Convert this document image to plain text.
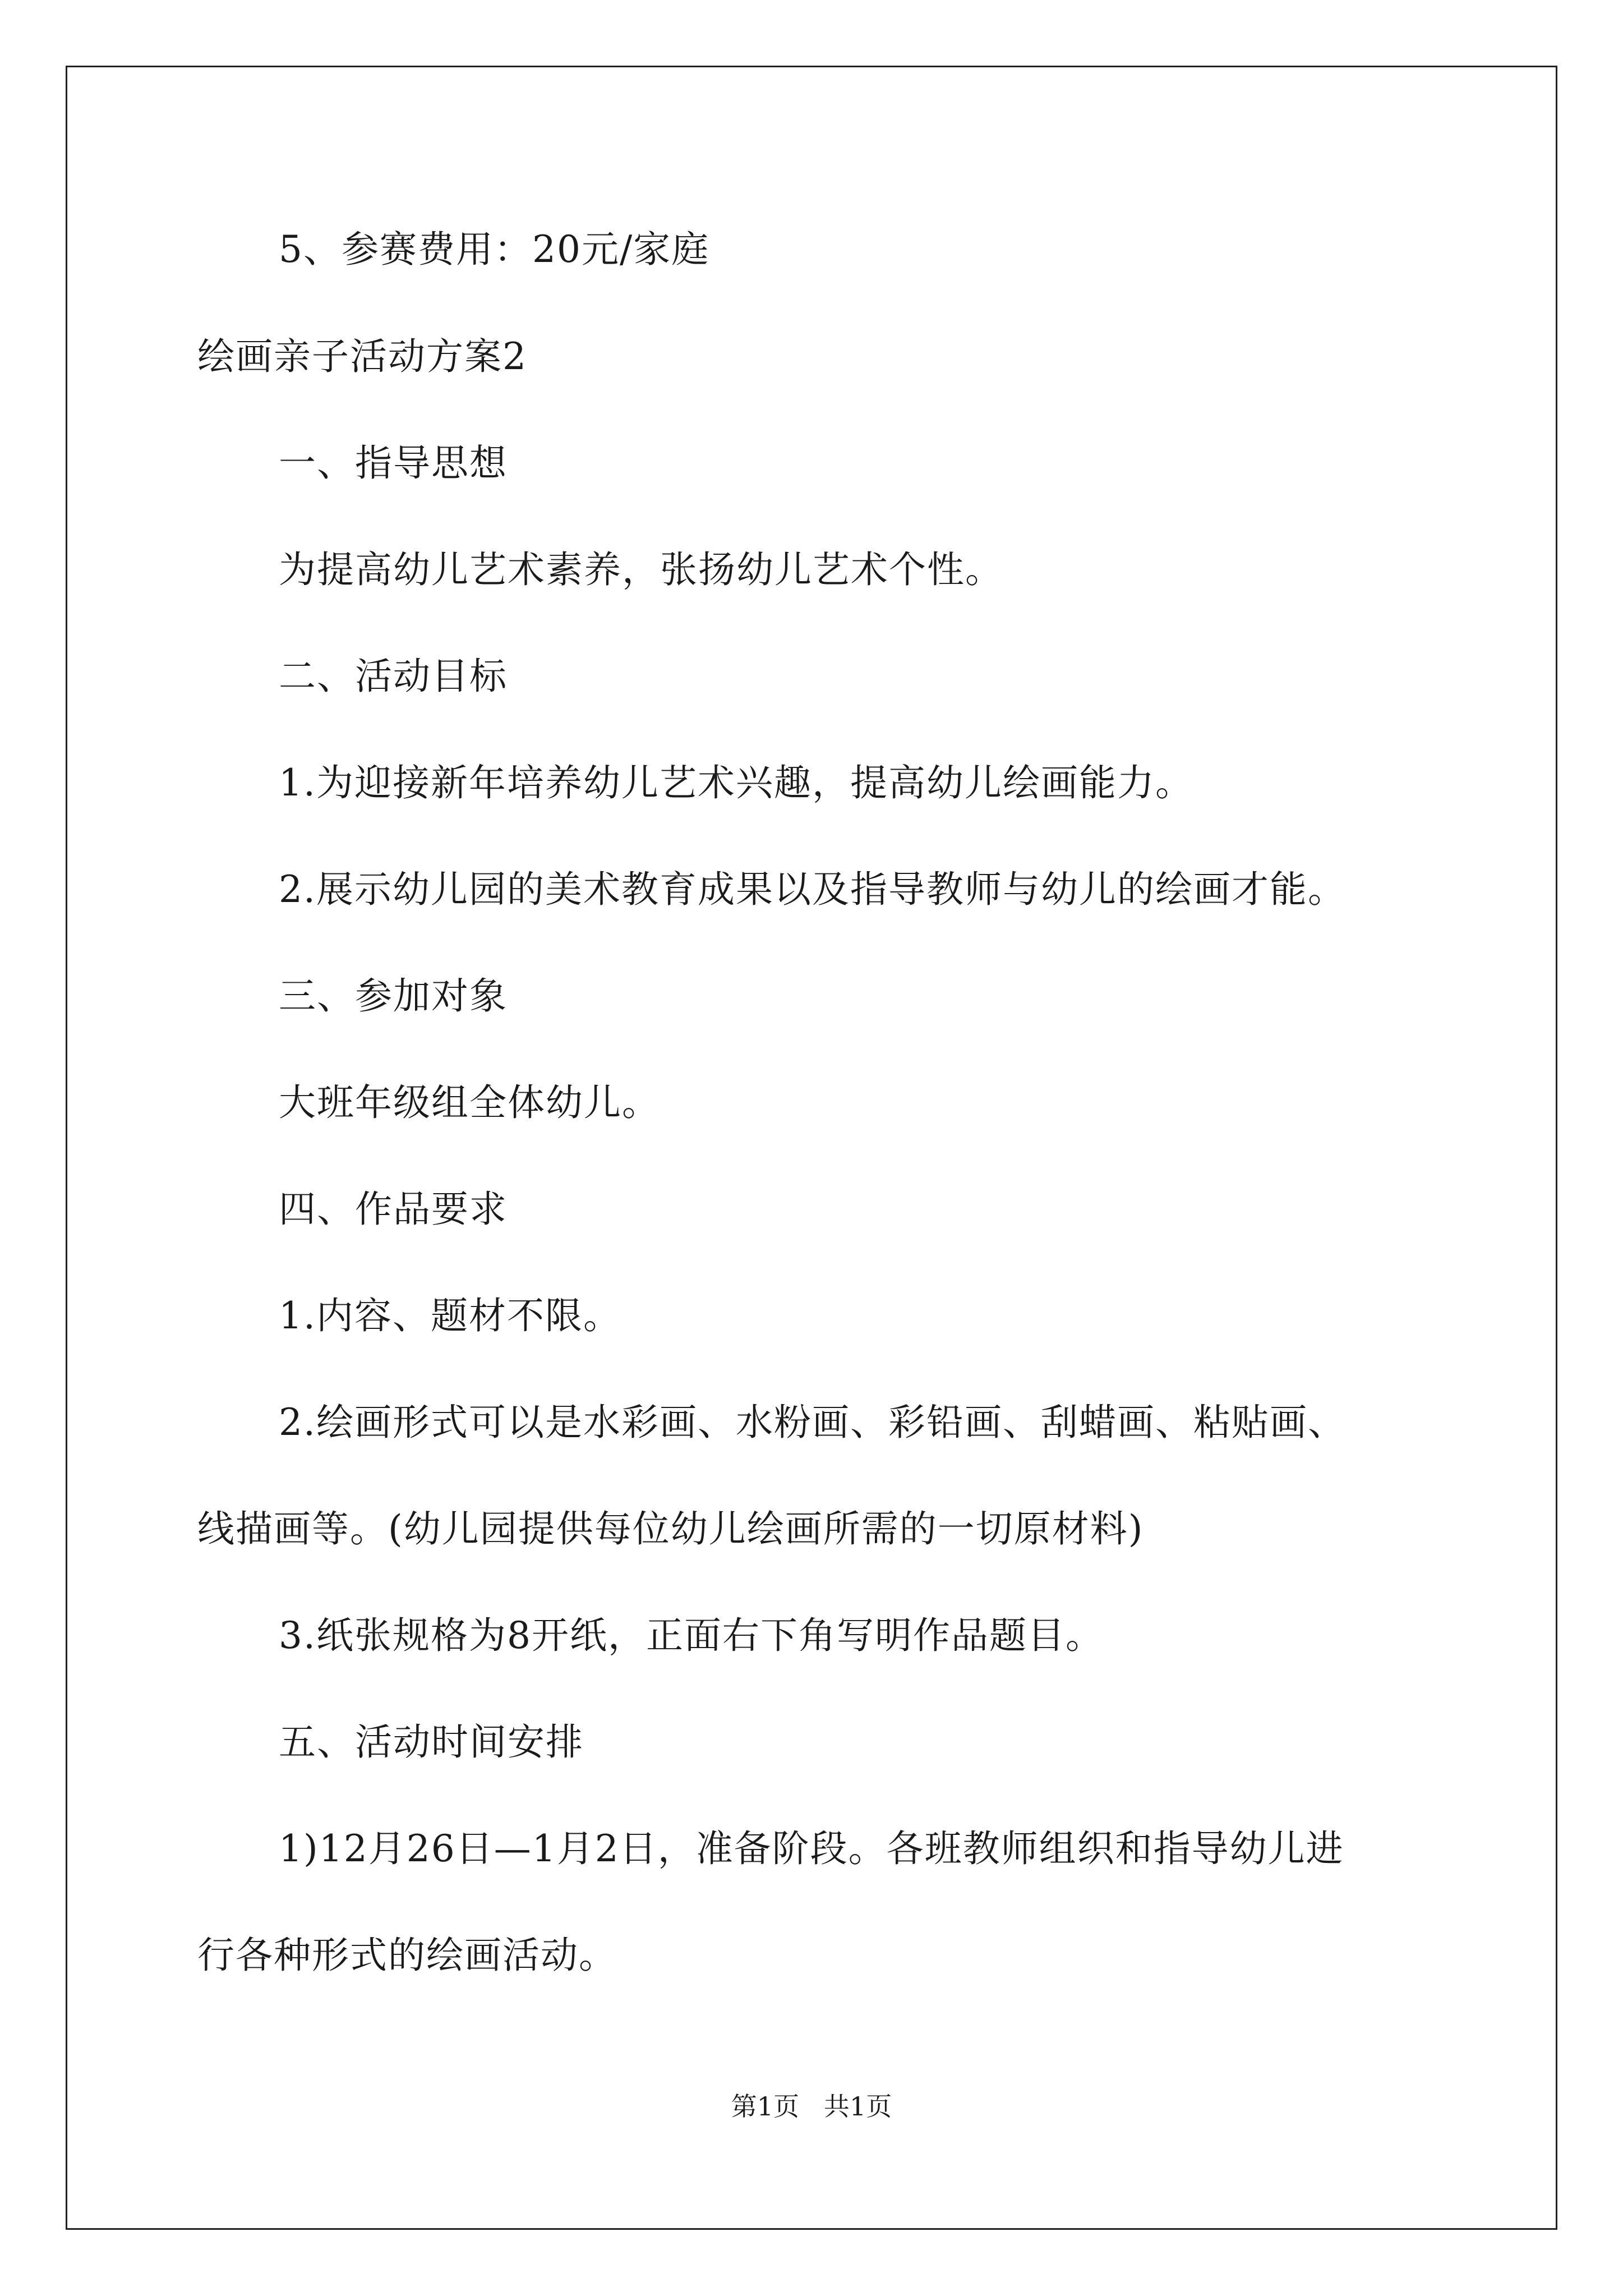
5、参赛费用：20元/家庭
绘画亲子活动方案2
一、指导思想
为提高幼儿艺术素养，张扬幼儿艺术个性。
二、活动目标
1.为迎接新年培养幼儿艺术兴趣，提高幼儿绘画能力。
2.展示幼儿园的美术教育成果以及指导教师与幼儿的绘画才能。
三、参加对象
大班年级组全体幼儿。
四、作品要求
1.内容、题材不限。
2.绘画形式可以是水彩画、水粉画、彩铅画、刮蜡画、粘贴画、
线描画等。(幼儿园提供每位幼儿绘画所需的一切原材料)
3.纸张规格为8开纸，正面右下角写明作品题目。
五、活动时间安排
1)12月26日—1月2日，准备阶段。各班教师组织和指导幼儿进
行各种形式的绘画活动。
第1页   共1页
